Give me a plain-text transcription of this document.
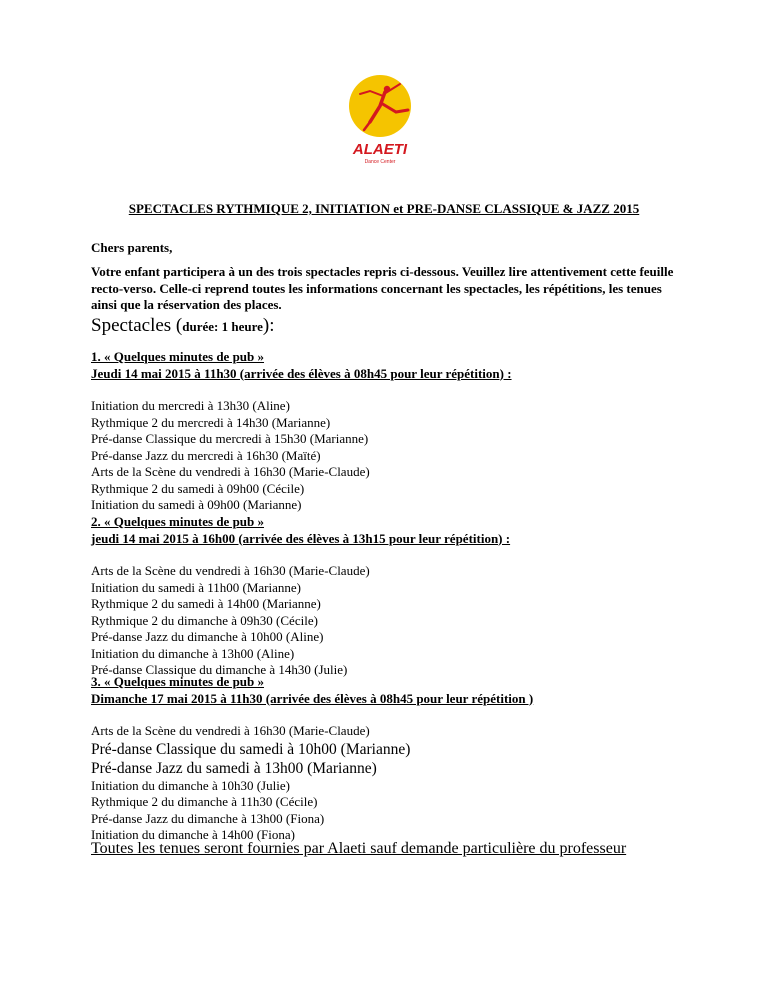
ALAETI
Dance Center
SPECTACLES RYTHMIQUE 2, INITIATION et PRE-DANSE CLASSIQUE & JAZZ 2015
Chers parents,
Votre enfant participera à un des trois spectacles repris ci-dessous. Veuillez lire attentivement cette feuille recto-verso. Celle-ci reprend toutes les informations concernant les spectacles, les répétitions, les tenues ainsi que la réservation des places.
Spectacles (durée: 1 heure):
1. « Quelques minutes de pub »
Jeudi 14 mai 2015 à 11h30 (arrivée des élèves à 08h45 pour leur répétition) :
Initiation du mercredi à 13h30 (Aline)
Rythmique 2 du mercredi à 14h30 (Marianne)
Pré-danse Classique du mercredi à 15h30 (Marianne)
Pré-danse Jazz du mercredi à 16h30 (Maïté)
Arts de la Scène du vendredi à 16h30 (Marie-Claude)
Rythmique 2 du samedi à 09h00 (Cécile)
Initiation du samedi à 09h00 (Marianne)
2. « Quelques minutes de pub »
jeudi 14 mai 2015 à 16h00 (arrivée des élèves à 13h15 pour leur répétition) :
Arts de la Scène du vendredi à 16h30 (Marie-Claude)
Initiation du samedi à 11h00 (Marianne)
Rythmique 2 du samedi à 14h00 (Marianne)
Rythmique 2 du dimanche à 09h30 (Cécile)
Pré-danse Jazz du dimanche à 10h00 (Aline)
Initiation du dimanche à 13h00 (Aline)
Pré-danse Classique du dimanche à 14h30 (Julie)
3. « Quelques minutes de pub »
Dimanche 17 mai 2015 à 11h30 (arrivée des élèves à 08h45 pour leur répétition )
Arts de la Scène du vendredi à 16h30 (Marie-Claude)
Pré-danse Classique du samedi à 10h00 (Marianne)
Pré-danse Jazz du samedi à 13h00 (Marianne)
Initiation du dimanche à 10h30 (Julie)
Rythmique 2 du dimanche à 11h30 (Cécile)
Pré-danse Jazz du dimanche à 13h00 (Fiona)
Initiation du dimanche à 14h00 (Fiona)
Toutes les tenues seront fournies par Alaeti sauf demande particulière du professeur
